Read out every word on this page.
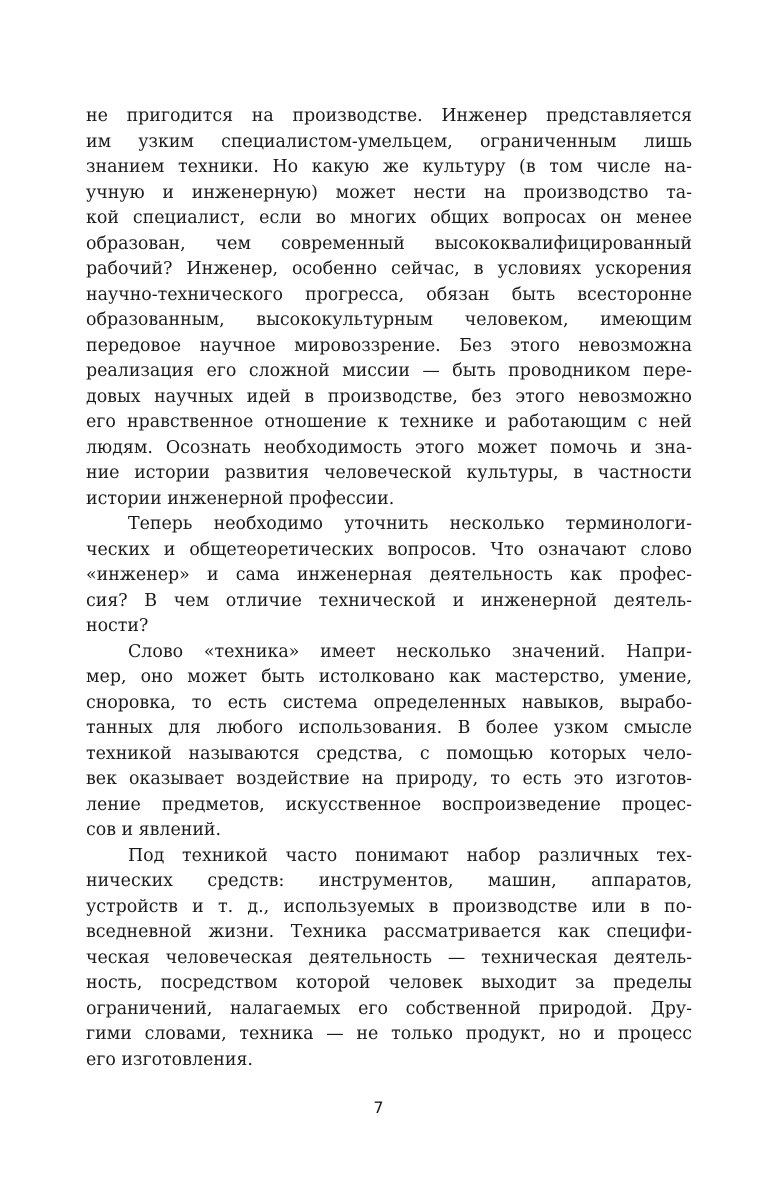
не пригодится на производстве. Инженер представляется
им узким специалистом-умельцем, ограниченным лишь
знанием техники. Но какую же культуру (в том числе на-
учную и инженерную) может нести на производство та-
кой специалист, если во многих общих вопросах он менее
образован, чем современный высококвалифицированный
рабочий? Инженер, особенно сейчас, в условиях ускорения
научно-технического прогресса, обязан быть всесторонне
образованным, высококультурным человеком, имеющим
передовое научное мировоззрение. Без этого невозможна
реализация его сложной миссии — быть проводником пере-
довых научных идей в производстве, без этого невозможно
его нравственное отношение к технике и работающим с ней
людям. Осознать необходимость этого может помочь и зна-
ние истории развития человеческой культуры, в частности
истории инженерной профессии.
Теперь необходимо уточнить несколько терминологи-
ческих и общетеоретических вопросов. Что означают слово
«инженер» и сама инженерная деятельность как профес-
сия? В чем отличие технической и инженерной деятель-
ности?
Слово «техника» имеет несколько значений. Напри-
мер, оно может быть истолковано как мастерство, умение,
сноровка, то есть система определенных навыков, вырабо-
танных для любого использования. В более узком смысле
техникой называются средства, с помощью которых чело-
век оказывает воздействие на природу, то есть это изготов-
ление предметов, искусственное воспроизведение процес-
сов и явлений.
Под техникой часто понимают набор различных тех-
нических средств: инструментов, машин, аппаратов,
устройств и т. д., используемых в производстве или в по-
вседневной жизни. Техника рассматривается как специфи-
ческая человеческая деятельность — техническая деятель-
ность, посредством которой человек выходит за пределы
ограничений, налагаемых его собственной природой. Дру-
гими словами, техника — не только продукт, но и процесс
его изготовления.
7
